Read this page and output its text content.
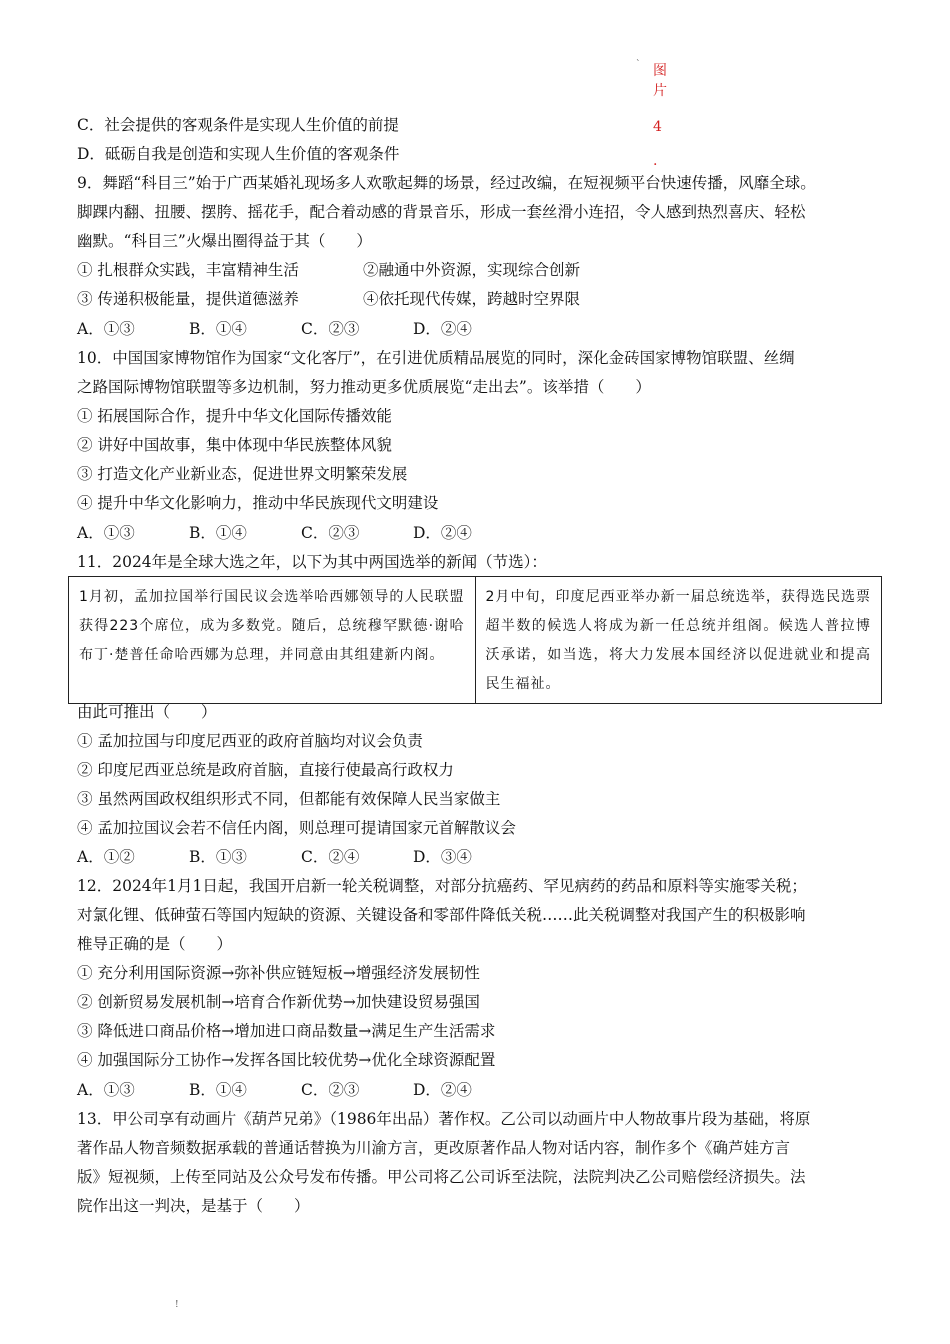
` 图
片
4
.
C．社会提供的客观条件是实现人生价值的前提
D．砥砺自我是创造和实现人生价值的客观条件
9．舞蹈“科目三”始于广西某婚礼现场多人欢歌起舞的场景，经过改编，在短视频平台快速传播，风靡全球。
脚踝内翻、扭腰、摆胯、摇花手，配合着动感的背景音乐，形成一套丝滑小连招，令人感到热烈喜庆、轻松
幽默。“科目三”火爆出圈得益于其（　　）
① 扎根群众实践，丰富精神生活	②融通中外资源，实现综合创新
③ 传递积极能量，提供道德滋养	④依托现代传媒，跨越时空界限
A．①③	B．①④	C．②③	D．②④
10．中国国家博物馆作为国家“文化客厅”，在引进优质精品展览的同时，深化金砖国家博物馆联盟、丝绸
之路国际博物馆联盟等多边机制，努力推动更多优质展览“走出去”。该举措（　　）
① 拓展国际合作，提升中华文化国际传播效能
② 讲好中国故事，集中体现中华民族整体风貌
③ 打造文化产业新业态，促进世界文明繁荣发展
④ 提升中华文化影响力，推动中华民族现代文明建设
A．①③	B．①④	C．②③	D．②④
11．2024年是全球大选之年，以下为其中两国选举的新闻（节选）：
1月初，孟加拉国举行国民议会选举哈西娜领导的人民联盟获得223个席位，成为多数党。随后，总统穆罕默德·谢哈布丁·楚普任命哈西娜为总理，并同意由其组建新内阁。	2月中旬，印度尼西亚举办新一届总统选举，获得选民选票超半数的候选人将成为新一任总统并组阁。候选人普拉博沃承诺，如当选，将大力发展本国经济以促进就业和提高民生福祉。
由此可推出（　　）
① 孟加拉国与印度尼西亚的政府首脑均对议会负责
② 印度尼西亚总统是政府首脑，直接行使最高行政权力
③ 虽然两国政权组织形式不同，但都能有效保障人民当家做主
④ 孟加拉国议会若不信任内阁，则总理可提请国家元首解散议会
A．①②	B．①③	C．②④	D．③④
12．2024年1月1日起，我国开启新一轮关税调整，对部分抗癌药、罕见病药的药品和原料等实施零关税；
对氯化锂、低砷萤石等国内短缺的资源、关键设备和零部件降低关税……此关税调整对我国产生的积极影响
椎导正确的是（　　）
① 充分利用国际资源→弥补供应链短板→增强经济发展韧性
② 创新贸易发展机制→培育合作新优势→加快建设贸易强国
③ 降低进口商品价格→增加进口商品数量→满足生产生活需求
④ 加强国际分工协作→发挥各国比较优势→优化全球资源配置
A．①③	B．①④	C．②③	D．②④
13．甲公司享有动画片《葫芦兄弟》（1986年出品）著作权。乙公司以动画片中人物故事片段为基础，将原
著作品人物音频数据承载的普通话替换为川渝方言，更改原著作品人物对话内容，制作多个《确芦娃方言
版》短视频，上传至同站及公众号发布传播。甲公司将乙公司诉至法院，法院判决乙公司赔偿经济损失。法
院作出这一判决，是基于（　　）
!
